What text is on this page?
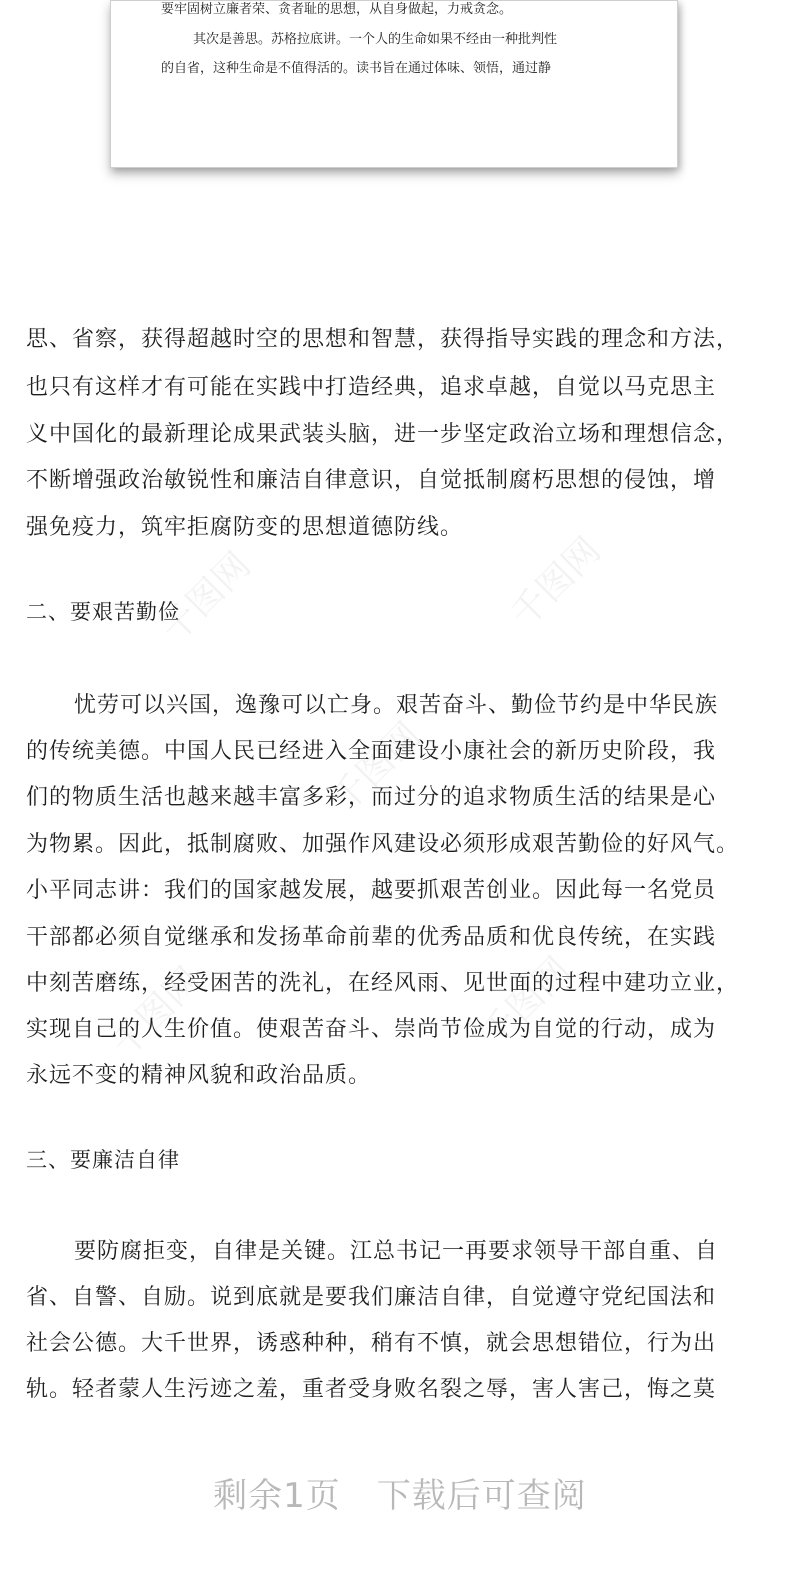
要牢固树立廉者荣、贪者耻的思想，从自身做起，力戒贪念。
其次是善思。苏格拉底讲。一个人的生命如果不经由一种批判性
的自省，这种生命是不值得活的。读书旨在通过体味、领悟，通过静
千图网	千图网
千图网
千图网	千图网
思、省察，获得超越时空的思想和智慧，获得指导实践的理念和方法，
也只有这样才有可能在实践中打造经典，追求卓越，自觉以马克思主
义中国化的最新理论成果武装头脑，进一步坚定政治立场和理想信念，
不断增强政治敏锐性和廉洁自律意识，自觉抵制腐朽思想的侵蚀，增
强免疫力，筑牢拒腐防变的思想道德防线。
二、要艰苦勤俭
忧劳可以兴国，逸豫可以亡身。艰苦奋斗、勤俭节约是中华民族
的传统美德。中国人民已经进入全面建设小康社会的新历史阶段，我
们的物质生活也越来越丰富多彩，而过分的追求物质生活的结果是心
为物累。因此，抵制腐败、加强作风建设必须形成艰苦勤俭的好风气。
小平同志讲：我们的国家越发展，越要抓艰苦创业。因此每一名党员
干部都必须自觉继承和发扬革命前辈的优秀品质和优良传统，在实践
中刻苦磨练，经受困苦的洗礼，在经风雨、见世面的过程中建功立业，
实现自己的人生价值。使艰苦奋斗、崇尚节俭成为自觉的行动，成为
永远不变的精神风貌和政治品质。
三、要廉洁自律
要防腐拒变，自律是关键。江总书记一再要求领导干部自重、自
省、自警、自励。说到底就是要我们廉洁自律，自觉遵守党纪国法和
社会公德。大千世界，诱惑种种，稍有不慎，就会思想错位，行为出
轨。轻者蒙人生污迹之羞，重者受身败名裂之辱，害人害己，悔之莫
剩余1页 下载后可查阅
